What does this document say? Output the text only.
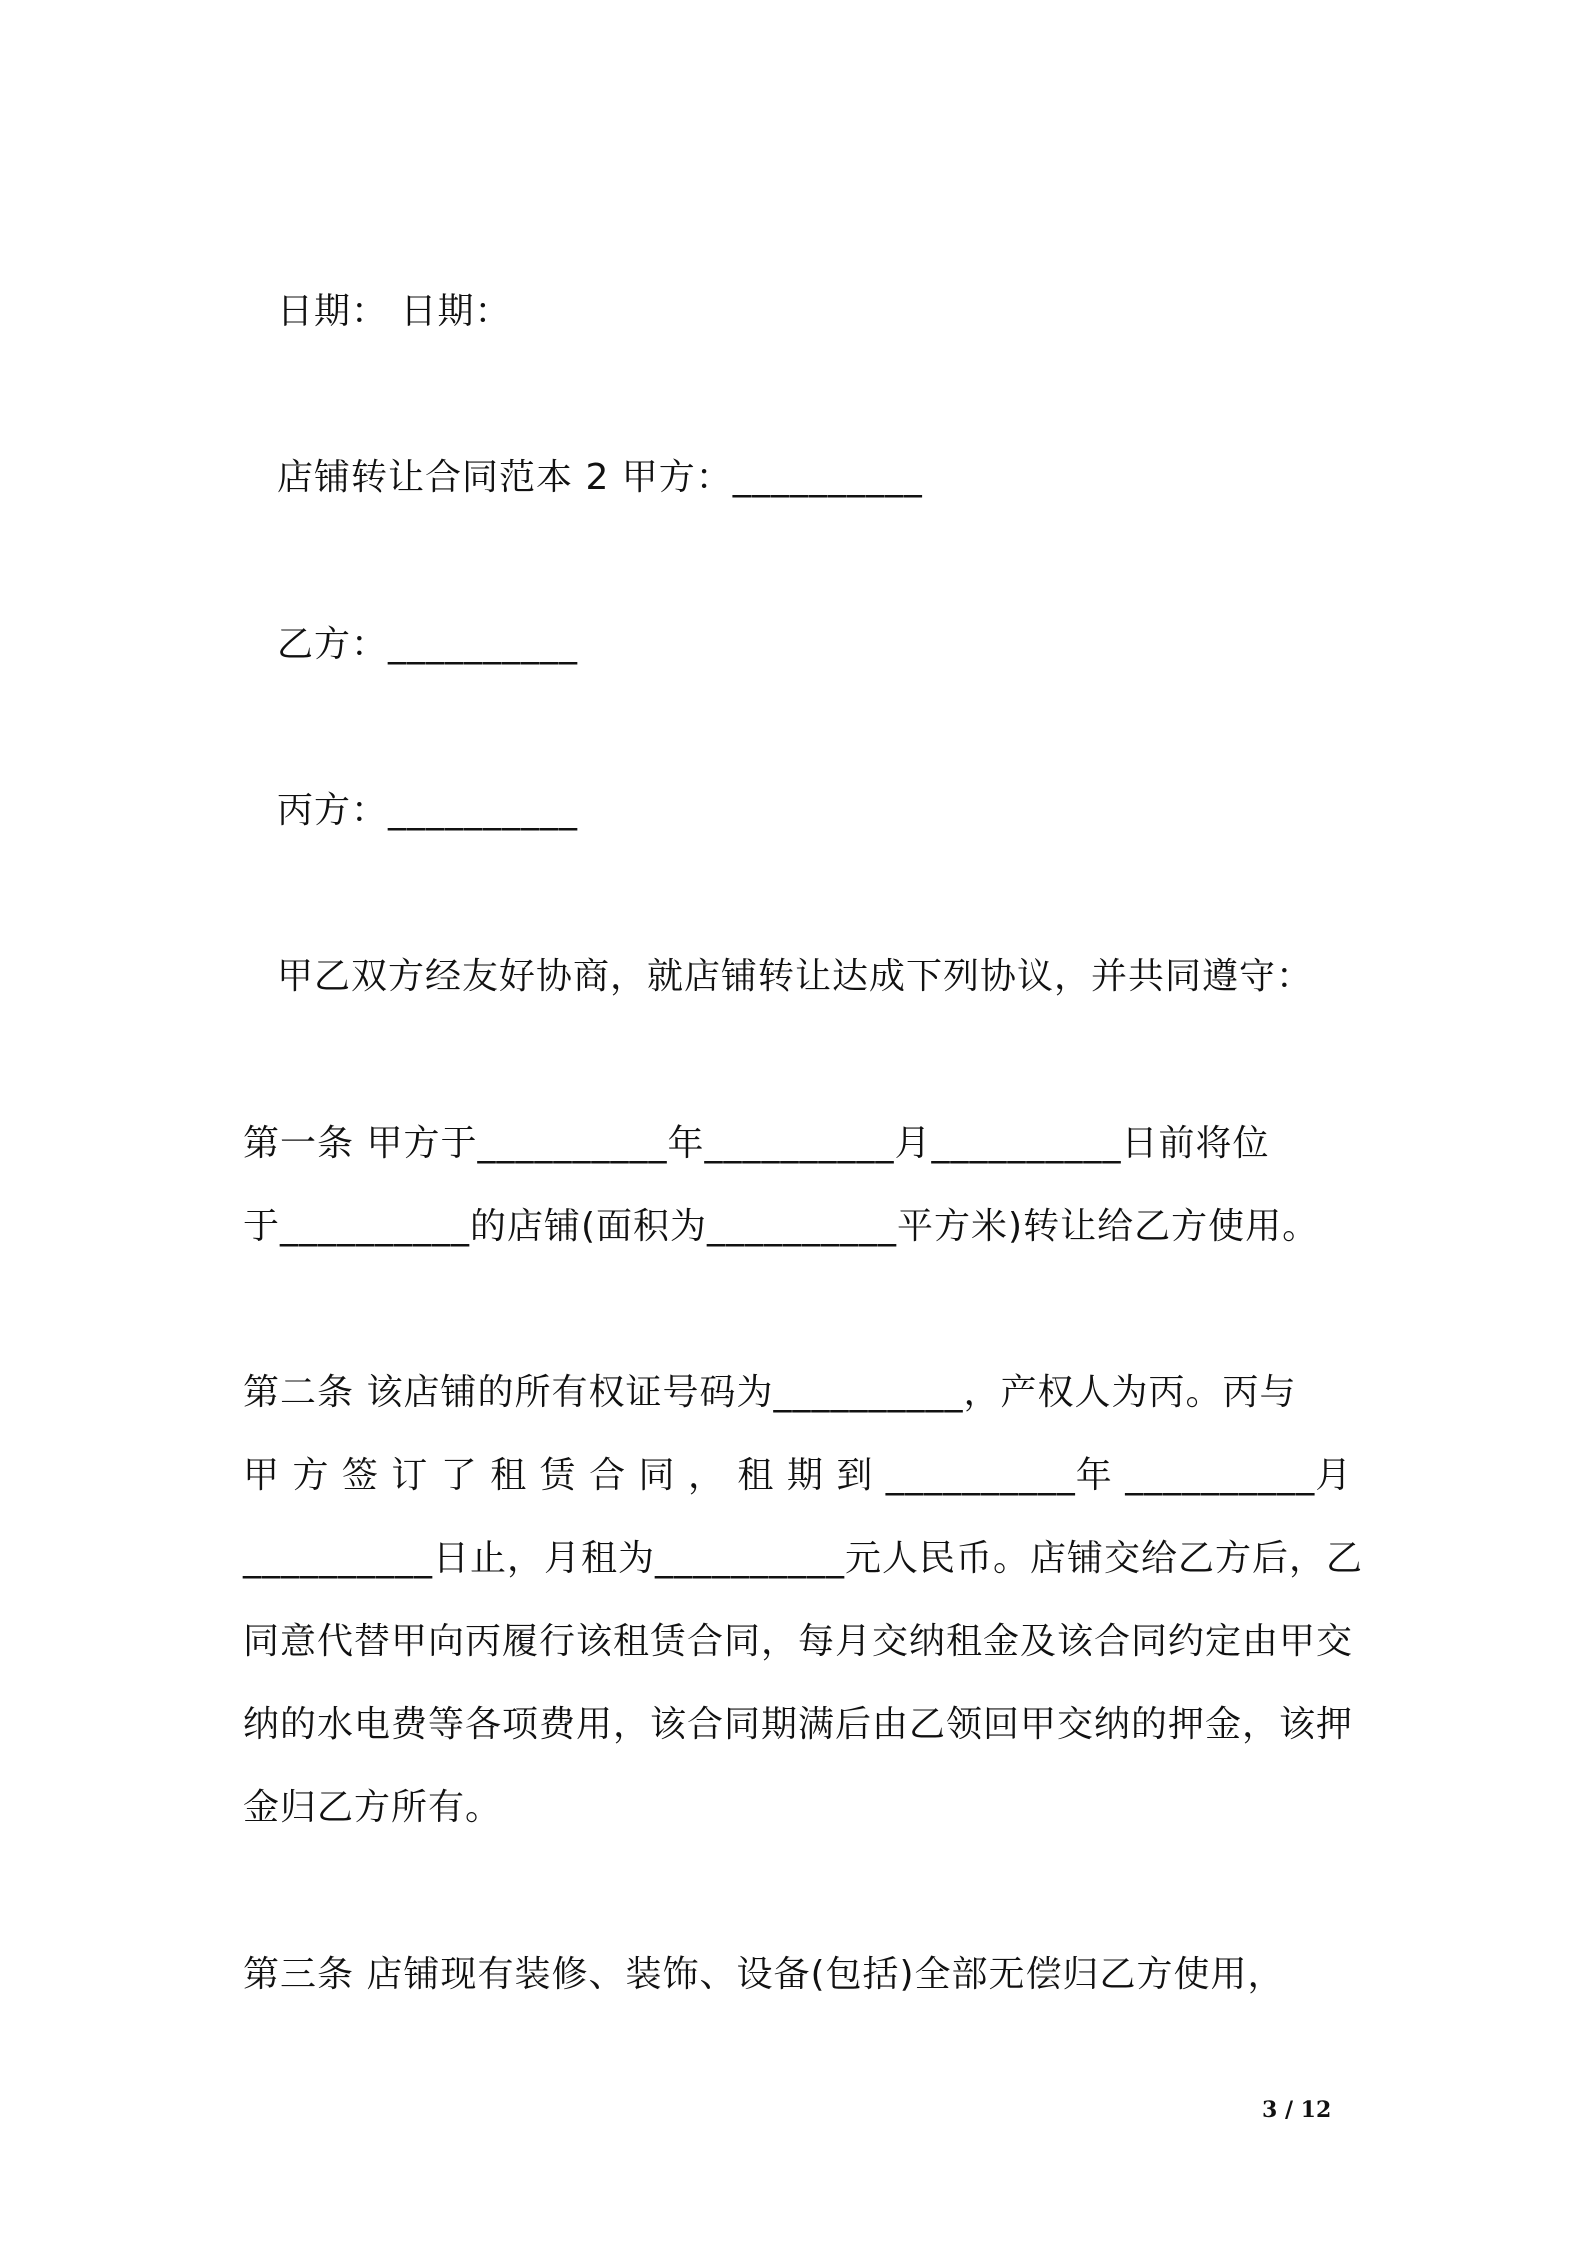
日期： 日期：
店铺转让合同范本 2 甲方：__________
乙方：__________
丙方：__________
甲乙双方经友好协商，就店铺转让达成下列协议，并共同遵守：
第一条 甲方于__________年__________月__________日前将位
于__________的店铺(面积为__________平方米)转让给乙方使用。
第二条 该店铺的所有权证号码为__________，产权人为丙。丙与
甲 方 签 订 了 租 赁 合 同 ， 租 期 到 __________年 __________月
__________日止，月租为__________元人民币。店铺交给乙方后，乙
同意代替甲向丙履行该租赁合同，每月交纳租金及该合同约定由甲交
纳的水电费等各项费用，该合同期满后由乙领回甲交纳的押金，该押
金归乙方所有。
第三条 店铺现有装修、装饰、设备(包括)全部无偿归乙方使用，
3 / 12
